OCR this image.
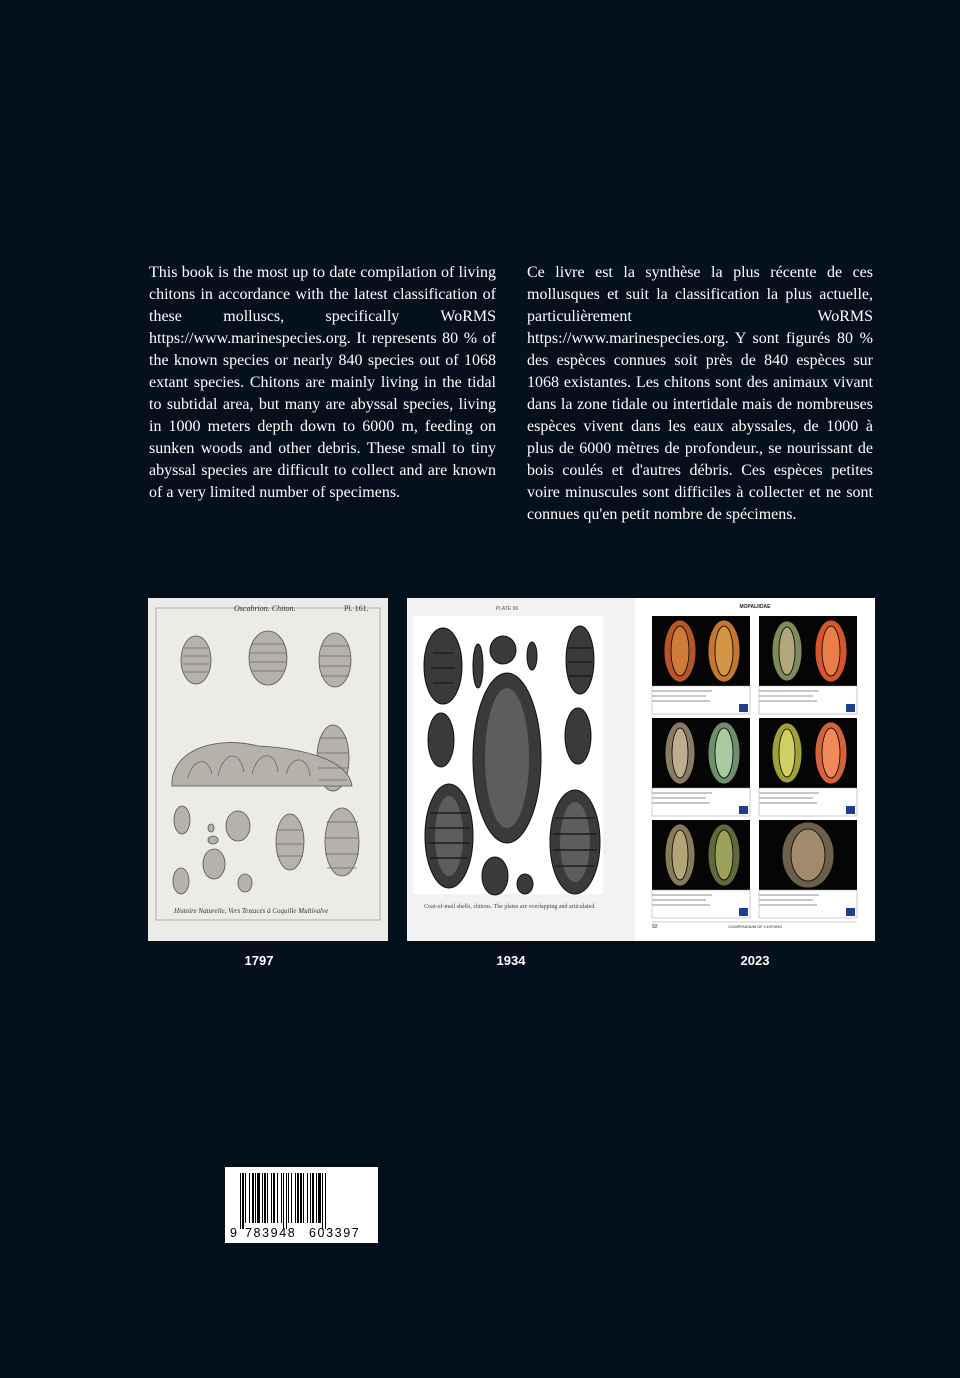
This book is the most up to date compilation of living chitons in accordance with the latest classification of these molluscs, specifically WoRMS https://www.marinespecies.org. It represents 80 % of the known species or nearly 840 species out of 1068 extant species. Chitons are mainly living in the tidal to subtidal area, but many are abyssal species, living in 1000 meters depth down to 6000 m, feeding on sunken woods and other debris. These small to tiny abyssal species are difficult to collect and are known of a very limited number of specimens.

Ce livre est la synthèse la plus récente de ces mollusques et suit la classification la plus actuelle, particulièrement WoRMS https://www.marinespecies.org. Y sont figurés 80 % des espèces connues soit près de 840 espèces sur 1068 existantes. Les chitons sont des animaux vivant dans la zone tidale ou intertidale mais de nombreuses espèces vivent dans les eaux abyssales, de 1000 à plus de 6000 mètres de profondeur., se nourissant de bois coulés et d'autres débris. Ces espèces petites voire minuscules sont difficiles à collecter et ne sont connues qu'en petit nombre de spécimens.

Oscabrion. Chiton.	Pl. 161.
Histoire Naturelle, Vers Testacés à Coquille Multivalve
1797
PLATE 96
Coat-of-mail shells, chitons. The plates are overlapping and articulated.
1934
MOPALIIDAE
92	COMPENDIUM OF CHITONS
2023
9 783948 603397
